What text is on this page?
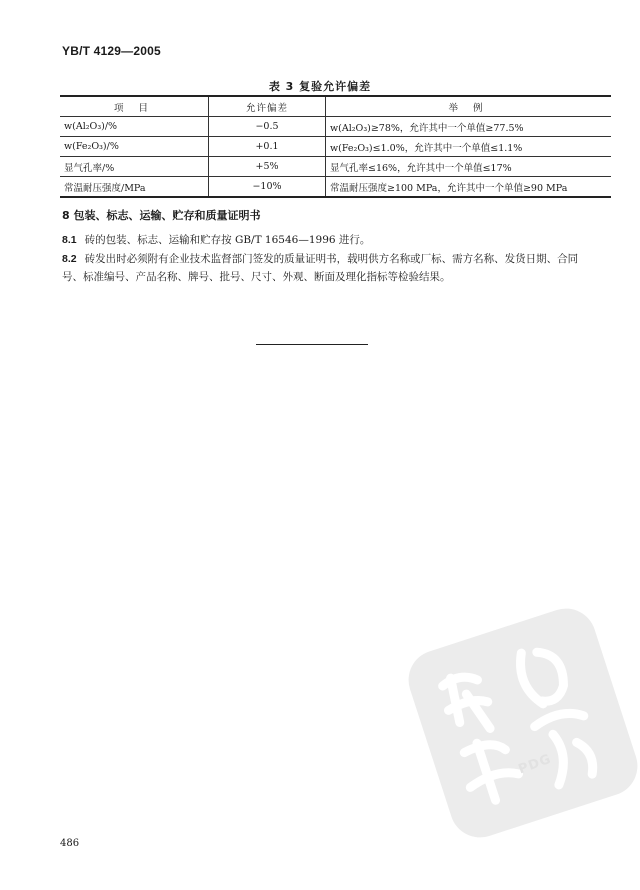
YB/T 4129—2005
表 3 复验允许偏差
项 目	允许偏差	举 例
w(Al₂O₃)/%	−0.5	w(Al₂O₃)≥78%，允许其中一个单值≥77.5%
w(Fe₂O₃)/%	+0.1	w(Fe₂O₃)≤1.0%，允许其中一个单值≤1.1%
显气孔率/%	+5%	显气孔率≤16%，允许其中一个单值≤17%
常温耐压强度/MPa	−10%	常温耐压强度≥100 MPa，允许其中一个单值≥90 MPa
8 包装、标志、运输、贮存和质量证明书
8.1 砖的包装、标志、运输和贮存按 GB/T 16546—1996 进行。
8.2 砖发出时必须附有企业技术监督部门签发的质量证明书，载明供方名称或厂标、需方名称、发货日期、合同号、标准编号、产品名称、牌号、批号、尺寸、外观、断面及理化指标等检验结果。
PDG
486
